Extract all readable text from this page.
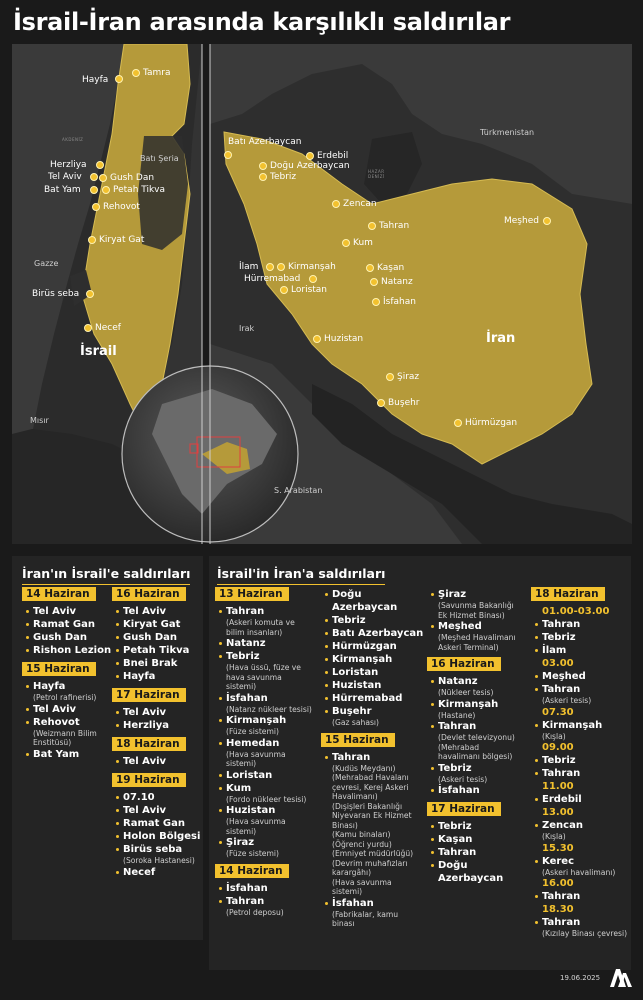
İsrail-İran arasında karşılıklı saldırılar
İsrail
Batı Şeria
Gazze
Mısır
AKDENİZ
Hayfa
Tamra
Herzliya
Tel Aviv
Bat Yam
Gush Dan
Petah Tikva
Rehovot
Kiryat Gat
Birüs seba
Necef
İran
Türkmenistan
Irak
S. Arabistan
HAZAR
DENİZİ
Batı Azerbaycan
Erdebil
Doğu Azerbaycan
Tebriz
Zencan
Tahran	Meşhed
Kum
İlam	Kirmanşah	Kaşan
Natanz
Hürremabad
Loristan
İsfahan
Huzistan
Şiraz
Buşehr
Hürmüzgan
İran'ın İsrail'e saldırıları
14 Haziran
Tel Aviv
Ramat Gan
Gush Dan
Rishon Lezion
15 Haziran
Hayfa
(Petrol rafinerisi)
Tel Aviv
Rehovot
(Weizmann Bilim
Enstitüsü)
Bat Yam
16 Haziran
Tel Aviv
Kiryat Gat
Gush Dan
Petah Tikva
Bnei Brak
Hayfa
17 Haziran
Tel Aviv
Herzliya
18 Haziran
Tel Aviv
19 Haziran
07.10
Tel Aviv
Ramat Gan
Holon Bölgesi
Birüs seba
(Soroka Hastanesi)
Necef
İsrail'in İran'a saldırıları
13 Haziran
Tahran
(Askeri komuta ve
bilim insanları)
Natanz
Tebriz
(Hava üssü, füze ve
hava savunma
sistemi)
İsfahan
(Natanz nükleer tesisi)
Kirmanşah
(Füze sistemi)
Hemedan
(Hava savunma
sistemi)
Loristan
Kum
(Fordo nükleer tesisi)
Huzistan
(Hava savunma
sistemi)
Şiraz
(Füze sistemi)
14 Haziran
İsfahan
Tahran
(Petrol deposu)
Doğu Azerbaycan
Tebriz
Batı Azerbaycan
Hürmüzgan
Kirmanşah
Loristan
Huzistan
Hürremabad
Buşehr
(Gaz sahası)
15 Haziran
Tahran
(Kudüs Meydanı)
(Mehrabad Havalanı
çevresi, Kerej Askeri
Havalimanı)
(Dışişleri Bakanlığı
Niyevaran Ek Hizmet
Binası)
(Kamu binaları)
(Öğrenci yurdu)
(Emniyet müdürlüğü)
(Devrim muhafızları
karargâhı)
(Hava savunma
sistemi)
İsfahan
(Fabrikalar, kamu
binası
Şiraz
(Savunma Bakanlığı
Ek Hizmet Binası)
Meşhed
(Meşhed Havalimanı
Askeri Terminal)
16 Haziran
Natanz
(Nükleer tesis)
Kirmanşah
(Hastane)
Tahran
(Devlet televizyonu)
(Mehrabad
havalimanı bölgesi)
Tebriz
(Askeri tesis)
İsfahan
17 Haziran
Tebriz
Kaşan
Tahran
Doğu
Azerbaycan
18 Haziran
01.00-03.00
Tahran
Tebriz
İlam
03.00
Meşhed
Tahran
(Askeri tesis)
07.30
Kirmanşah
(Kışla)
09.00
Tebriz
Tahran
11.00
Erdebil
13.00
Zencan
(Kışla)
15.30
Kerec
(Askeri havalimanı)
16.00
Tahran
18.30
Tahran
(Kızılay Binası çevresi)
19.06.2025
